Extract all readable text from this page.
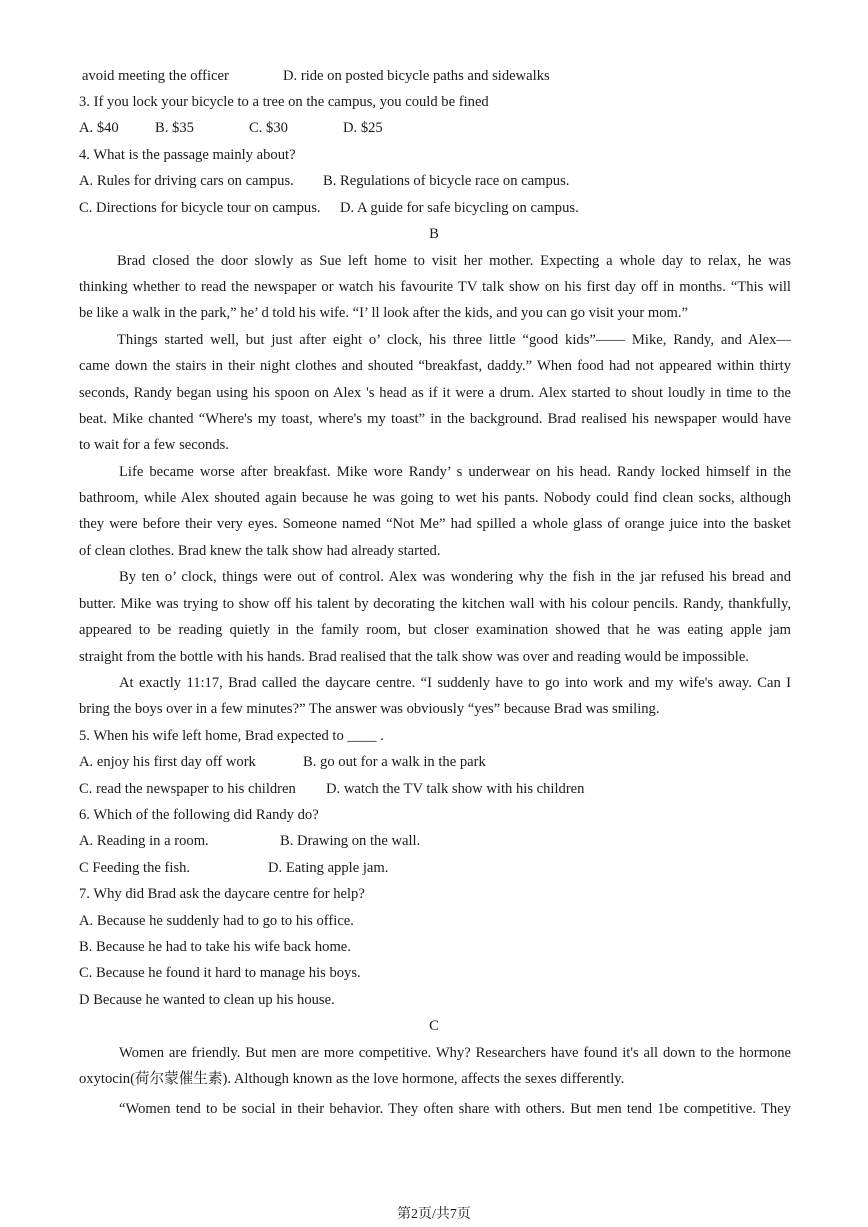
avoid meeting the officer	D. ride on posted bicycle paths and sidewalks
3. If you lock your bicycle to a tree on the campus, you could be fined
A. $40 B. $35	C. $30	D. $25
4. What is the passage mainly about?
A. Rules for driving cars on campus. B. Regulations of bicycle race on campus.
C. Directions for bicycle tour on campus. D. A guide for safe bicycling on campus.
B
Brad closed the door slowly as Sue left home to visit her mother. Expecting a whole day to relax, he was
thinking whether to read the newspaper or watch his favourite TV talk show on his first day off in months. “This will
be like a walk in the park,” he’ d told his wife. “I’ ll look after the kids, and you can go visit your mom.”
Things started well, but just after eight o’ clock, his three little “good kids”—— Mike, Randy, and Alex—
came down the stairs in their night clothes and shouted “breakfast, daddy.” When food had not appeared within thirty
seconds, Randy began using his spoon on Alex 's head as if it were a drum. Alex started to shout loudly in time to the
beat. Mike chanted “Where's my toast, where's my toast” in the background. Brad realised his newspaper would have
to wait for a few seconds.
Life became worse after breakfast. Mike wore Randy’ s underwear on his head. Randy locked himself in the
bathroom, while Alex shouted again because he was going to wet his pants. Nobody could find clean socks, although
they were before their very eyes. Someone named “Not Me” had spilled a whole glass of orange juice into the basket
of clean clothes. Brad knew the talk show had already started.
By ten o’ clock, things were out of control. Alex was wondering why the fish in the jar refused his bread and
butter. Mike was trying to show off his talent by decorating the kitchen wall with his colour pencils. Randy, thankfully,
appeared to be reading quietly in the family room, but closer examination showed that he was eating apple jam
straight from the bottle with his hands. Brad realised that the talk show was over and reading would be impossible.
At exactly 11:17, Brad called the daycare centre. “I suddenly have to go into work and my wife's away. Can I
bring the boys over in a few minutes?” The answer was obviously “yes” because Brad was smiling.
5. When his wife left home, Brad expected to ____ .
A. enjoy his first day off work	B. go out for a walk in the park
C. read the newspaper to his children D. watch the TV talk show with his children
6. Which of the following did Randy do?
A. Reading in a room.	B. Drawing on the wall.
C Feeding the fish.	D. Eating apple jam.
7. Why did Brad ask the daycare centre for help?
A. Because he suddenly had to go to his office.
B. Because he had to take his wife back home.
C. Because he found it hard to manage his boys.
D Because he wanted to clean up his house.
C
Women are friendly. But men are more competitive. Why? Researchers have found it's all down to the hormone
oxytocin(荷尔蒙催生素). Although known as the love hormone, affects the sexes differently.
“Women tend to be social in their behavior. They often share with others. But men tend 1be competitive. They
第2页/共7页
